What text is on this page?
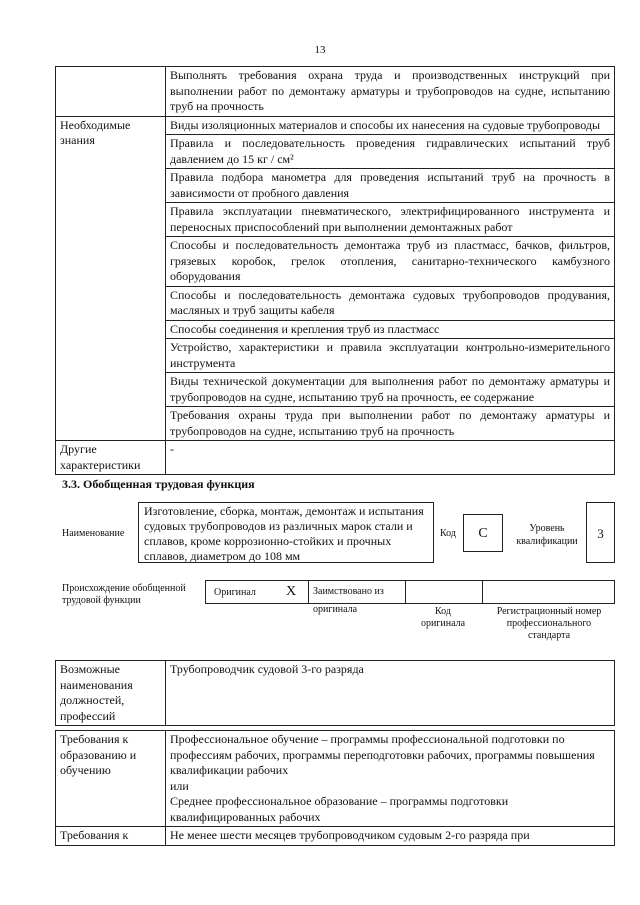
13
	Выполнять требования охрана труда и производственных инструкций при выполнении работ по демонтажу арматуры и трубопроводов на судне, испытанию труб на прочность
Необходимые знания	Виды изоляционных материалов и способы их нанесения на судовые трубопроводы
	Правила и последовательность проведения гидравлических испытаний труб давлением до 15 кг / см²
	Правила подбора манометра для проведения испытаний труб на прочность в зависимости от пробного давления
	Правила эксплуатации пневматического, электрифицированного инструмента и переносных приспособлений при выполнении демонтажных работ
	Способы и последовательность демонтажа труб из пластмасс, бачков, фильтров, грязевых коробок, грелок отопления, санитарно-технического камбузного оборудования
	Способы и последовательность демонтажа судовых трубопроводов продувания, масляных и труб защиты кабеля
	Способы соединения и крепления труб из пластмасс
	Устройство, характеристики и правила эксплуатации контрольно-измерительного инструмента
	Виды технической документации для выполнения работ по демонтажу арматуры и трубопроводов на судне, испытанию труб на прочность, ее содержание
	Требования охраны труда при выполнении работ по демонтажу арматуры и трубопроводов на судне, испытанию труб на прочность
Другие характеристики	-
3.3. Обобщенная трудовая функция
Наименование
Изготовление, сборка, монтаж, демонтаж и испытания судовых трубопроводов из различных марок стали и сплавов, кроме коррозионно-стойких и прочных сплавов, диаметром до 108 мм
Код	C	Уровень квалификации
3
Происхождение обобщенной трудовой функции
Оригинал X	Заимствовано из оригинала	Код оригинала
Регистрационный номер профессионального стандарта
Возможные наименования должностей, профессий	Трубопроводчик судовой 3-го разряда
Требования к образованию и обучению	Профессиональное обучение – программы профессиональной подготовки по профессиям рабочих, программы переподготовки рабочих, программы повышения квалификации рабочих
или
Среднее профессиональное образование – программы подготовки квалифицированных рабочих

Требования к	Не менее шести месяцев трубопроводчиком судовым 2-го разряда при
